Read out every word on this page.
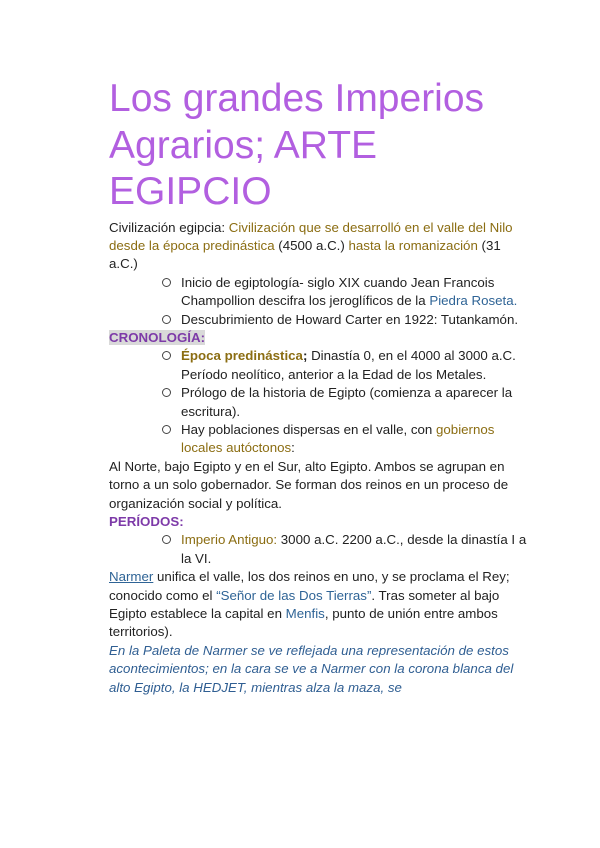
Los grandes Imperios
Agrarios; ARTE
EGIPCIO

Civilización egipcia: Civilización que se desarrolló en el valle del Nilo desde la época predinástica (4500 a.C.) hasta la romanización (31 a.C.)

Inicio de egiptología- siglo XIX cuando Jean Francois Champollion descifra los jeroglíficos de la Piedra Roseta.
Descubrimiento de Howard Carter en 1922: Tutankamón.

CRONOLOGÍA:

Época predinástica; Dinastía 0, en el 4000 al 3000 a.C. Período neolítico, anterior a la Edad de los Metales.
Prólogo de la historia de Egipto (comienza a aparecer la escritura).
Hay poblaciones dispersas en el valle, con gobiernos locales autóctonos:

Al Norte, bajo Egipto y en el Sur, alto Egipto. Ambos se agrupan en torno a un solo gobernador. Se forman dos reinos en un proceso de organización social y política.

PERÍODOS:

Imperio Antiguo: 3000 a.C. 2200 a.C., desde la dinastía I a la VI.

Narmer unifica el valle, los dos reinos en uno, y se proclama el Rey; conocido como el “Señor de las Dos Tierras”. Tras someter al bajo Egipto establece la capital en Menfis, punto de unión entre ambos territorios).

En la Paleta de Narmer se ve reflejada una representación de estos acontecimientos; en la cara se ve a Narmer con la corona blanca del alto Egipto, la HEDJET, mientras alza la maza, se
